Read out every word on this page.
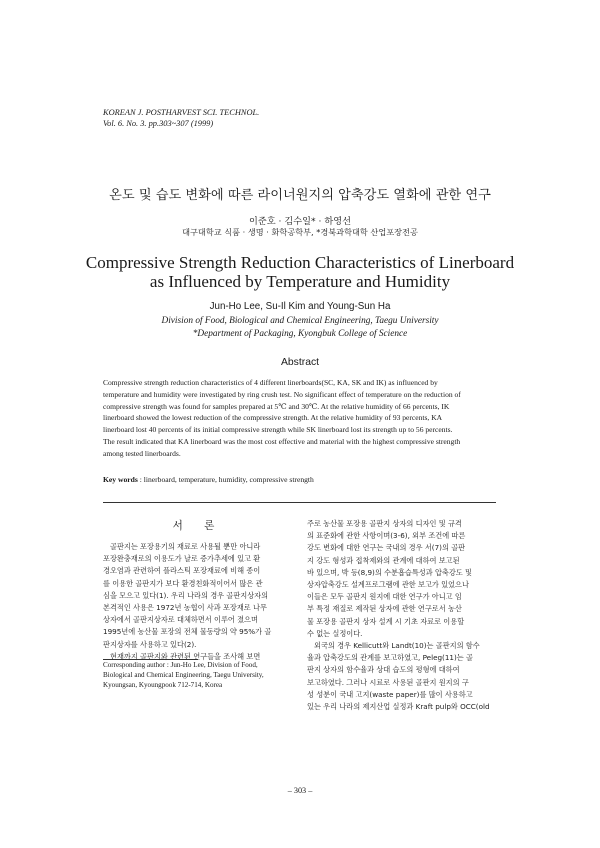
KOREAN J. POSTHARVEST SCI. TECHNOL.
Vol. 6. No. 3. pp.303~307 (1999)
온도 및 습도 변화에 따른 라이너원지의 압축강도 열화에 관한 연구
이준호 · 김수일* · 하영선
대구대학교 식품 · 생명 · 화학공학부, *경북과학대학 산업포장전공
Compressive Strength Reduction Characteristics of Linerboard
as Influenced by Temperature and Humidity
Jun-Ho Lee, Su-Il Kim and Young-Sun Ha
Division of Food, Biological and Chemical Engineering, Taegu University
*Department of Packaging, Kyongbuk College of Science
Abstract
Compressive strength reduction characteristics of 4 different linerboards(SC, KA, SK and IK) as influenced by
temperature and humidity were investigated by ring crush test. No significant effect of temperature on the reduction of
compressive strength was found for samples prepared at 5℃ and 30℃. At the relative humidity of 66 percents, IK
linerboard showed the lowest reduction of the compressive strength. At the relative humidity of 93 percents, KA
linerboard lost 40 percents of its initial compressive strength while SK linerboard lost its strength up to 56 percents.
The result indicated that KA linerboard was the most cost effective and material with the highest compressive strength
among tested linerboards.
Key words : linerboard, temperature, humidity, compressive strength
서 론

골판지는 포장용기의 재료로 사용될 뿐만 아니라

포장완충재로의 이용도가 날로 증가추세에 있고 환

경오염과 관련하여 플라스틱 포장재료에 비해 종이

를 이용한 골판지가 보다 환경친화적이어서 많은 관

심을 모으고 있다(1). 우리 나라의 경우 골판지상자의

본격적인 사용은 1972년 농협이 사과 포장재로 나무

상자에서 골판지상자로 대체하면서 이루어 졌으며

1995년에 농산물 포장의 전체 물동량의 약 95%가 골

판지상자를 사용하고 있다(2).

현재까지 골판지와 관련된 연구들을 조사해 보면

주로 농산물 포장용 골판지 상자의 디자인 및 규격

의 표준화에 관한 사항이며(3-6), 외부 조건에 따른

강도 변화에 대한 연구는 국내의 경우 서(7)의 골판

지 강도 형성과 접착제와의 관계에 대하여 보고된

바 있으며, 박 등(8,9)의 수분흡습특성과 압축강도 및

상자압축강도 설계프로그램에 관한 보고가 있었으나

이들은 모두 골판지 원지에 대한 연구가 아니고 임

부 특정 재질로 제작된 상자에 관한 연구로서 농산

물 포장용 골판지 상자 설계 시 기초 자료로 이용할

수 없는 실정이다.

외국의 경우 Kellicutt와 Landt(10)는 골판지의 함수

율과 압축강도의 관계를 보고하였고, Peleg(11)는 골

판지 상자의 함수율과 상대 습도의 평형에 대하여

보고하였다. 그러나 시료로 사용된 골판지 원지의 구

성 성분이 국내 고지(waste paper)를 많이 사용하고

있는 우리 나라의 제지산업 실정과 Kraft pulp와 OCC(old

Corresponding author : Jun-Ho Lee, Division of Food,
Biological and Chemical Engineering, Taegu University,
Kyoungsan, Kyoungpook 712-714, Korea
– 303 –
